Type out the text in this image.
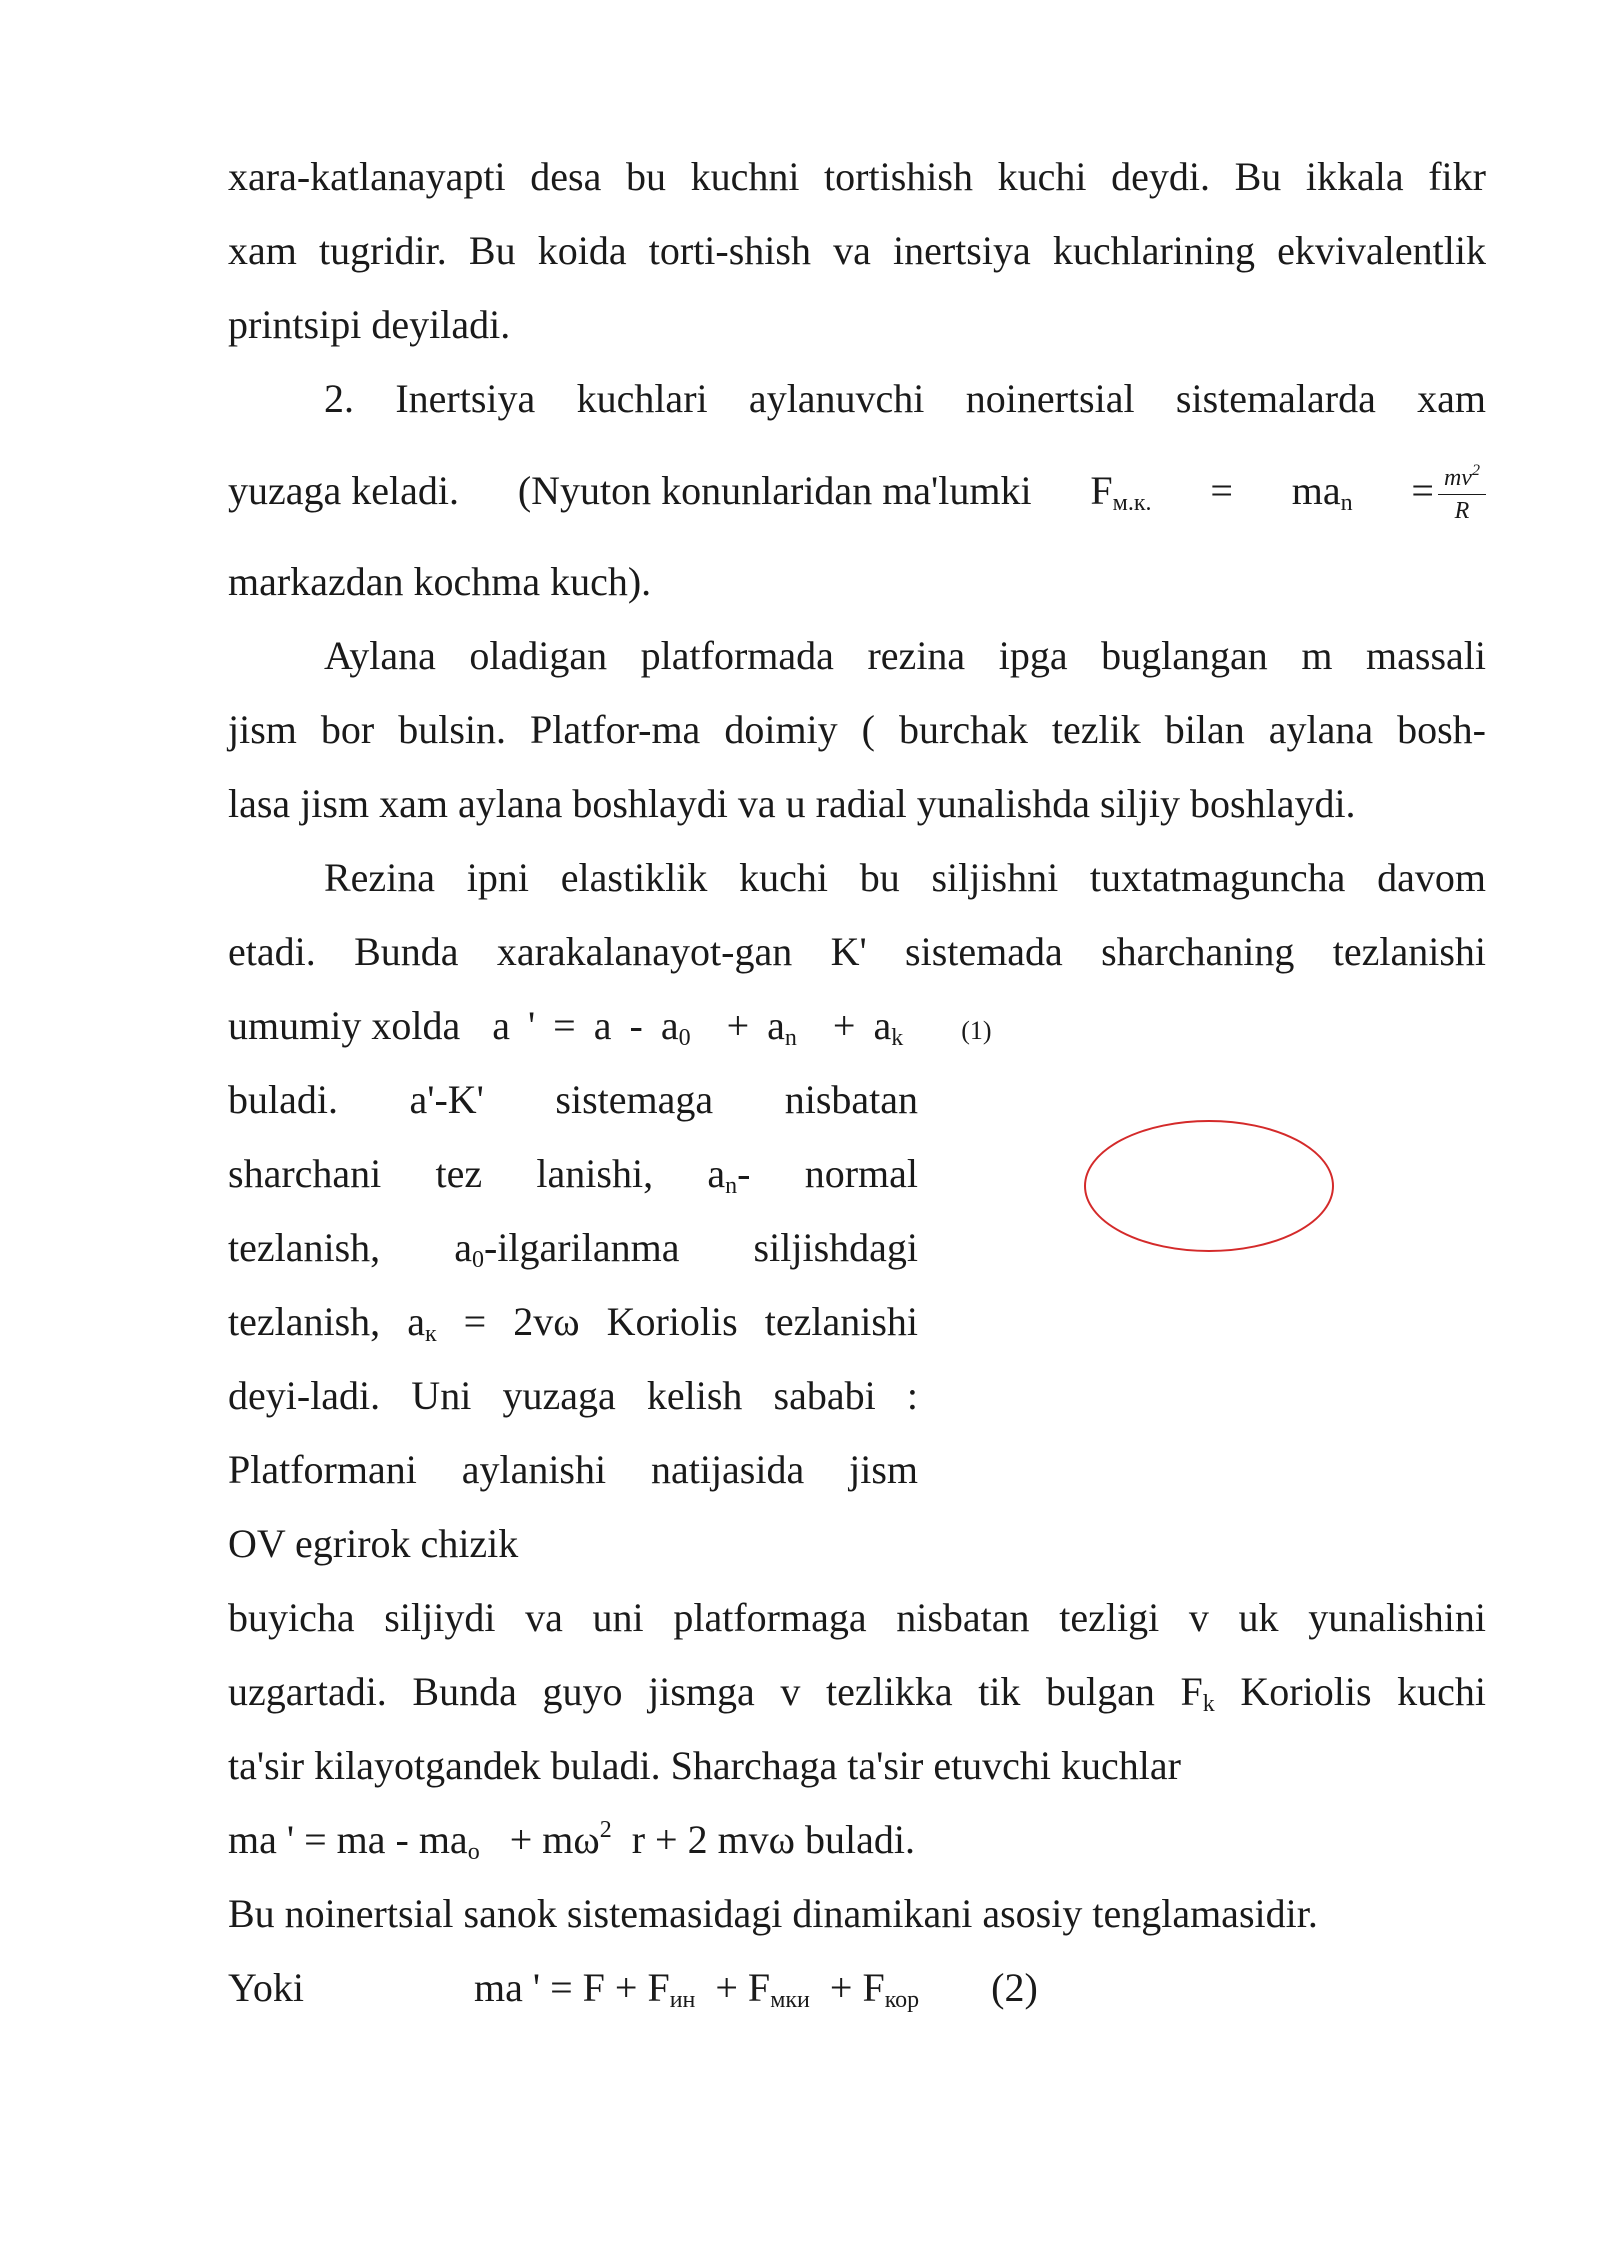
xara-katlanayapti desa bu kuchni tortishish kuchi deydi. Bu ikkala fikr
xam tugridir. Bu koida torti-shish va inertsiya kuchlarining ekvivalentlik
printsipi deyiladi.
2. Inertsiya kuchlari aylanuvchi noinertsial sistemalarda xam
yuzaga keladi. (Nyuton konunlaridan ma'lumki $F_{м.к.} = ma_n = \frac{mv^2}{R}$
markazdan kochma kuch).
Aylana oladigan platformada rezina ipga buglangan m massali
jism bor bulsin. Platfor-ma doimiy ( burchak tezlik bilan aylana bosh-
lasa jism xam aylana boshlaydi va u radial yunalishda siljiy boshlaydi.
Rezina ipni elastiklik kuchi bu siljishni tuxtatmaguncha davom
etadi. Bunda xarakalanayot-gan K' sistemada sharchaning tezlanishi
umumiy xolda a ' = $a - a_0 + a_n + a_k$ (1)
buladi. a'-K' sistemaga nisbatan
sharchani tez lanishi, $a_n-$ normal
tezlanish, $a_0$-ilgarilanma siljishdagi
tezlanish, $a_к = 2v\omega$ Koriolis tezlanishi
deyi-ladi. Uni yuzaga kelish sababi :
Platformani aylanishi natijasida jism
OV egrirok chizik
buyicha siljiydi va uni platformaga nisbatan tezligi v uk yunalishini
uzgartadi. Bunda guyo jismga v tezlikka tik bulgan $F_k$ Koriolis kuchi
ta'sir kilayotgandek buladi. Sharchaga ta'sir etuvchi kuchlar
ma ' = ma - $ma_o + m\omega^2$ r + 2 mvω buladi.
Bu noinertsial sanok sistemasidagi dinamikani asosiy tenglamasidir.
Yoki	ma ' = $F + F_{ин} + F_{мки} + F_{кор}$ (2)
